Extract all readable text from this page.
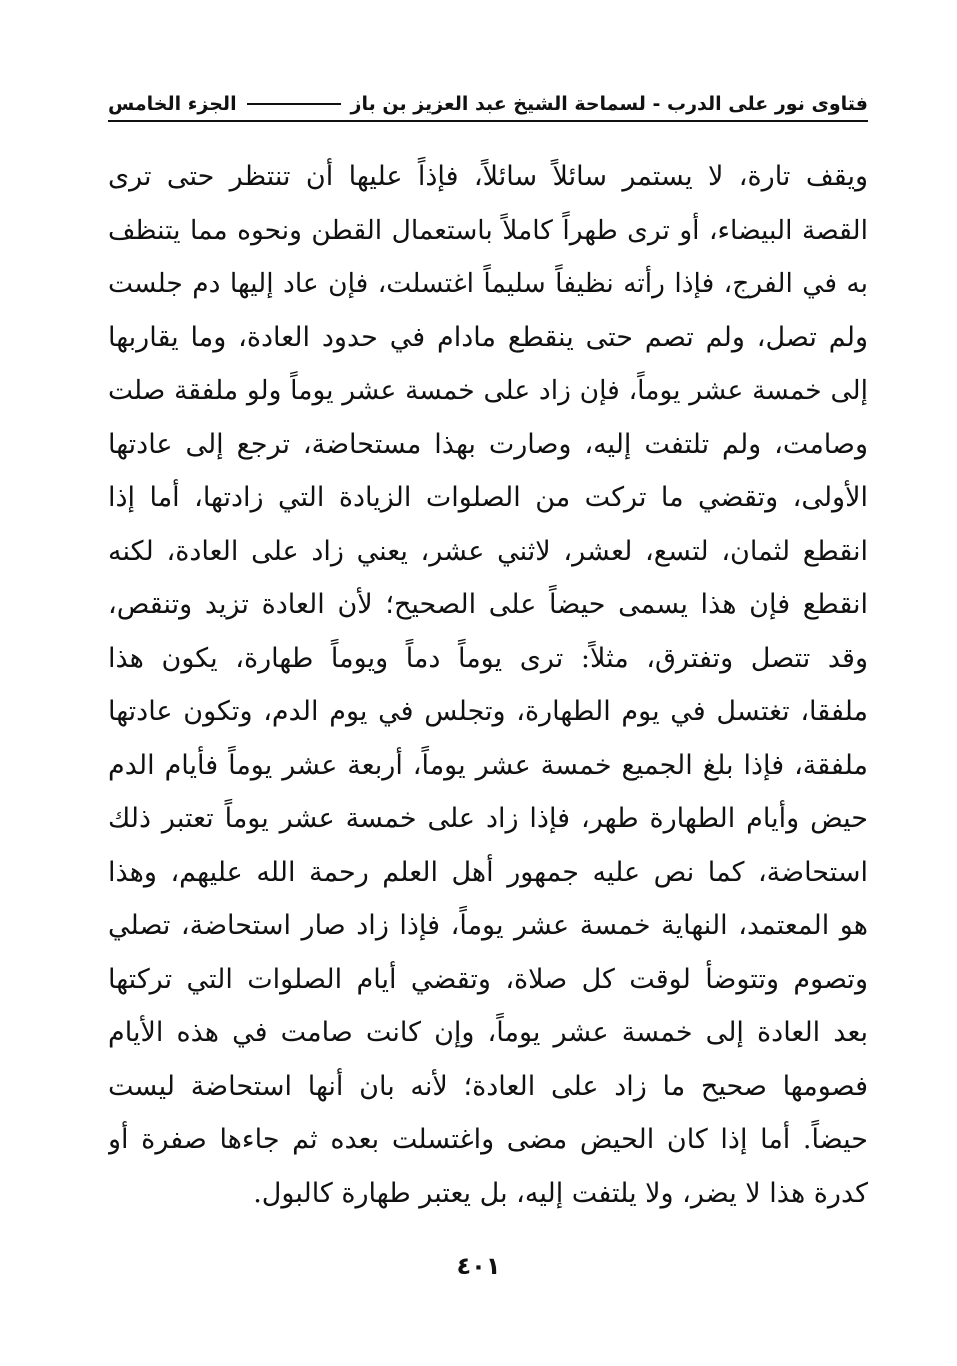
فتاوى نور على الدرب - لسماحة الشيخ عبد العزيز بن باز
الجزء الخامس
ويقف تارة، لا يستمر سائلاً سائلاً، فإذاً عليها أن تنتظر حتى ترى
القصة البيضاء، أو ترى طهراً كاملاً باستعمال القطن ونحوه مما يتنظف
به في الفرج، فإذا رأته نظيفاً سليماً اغتسلت، فإن عاد إليها دم جلست
ولم تصل، ولم تصم حتى ينقطع مادام في حدود العادة، وما يقاربها
إلى خمسة عشر يوماً، فإن زاد على خمسة عشر يوماً ولو ملفقة صلت
وصامت، ولم تلتفت إليه، وصارت بهذا مستحاضة، ترجع إلى عادتها
الأولى، وتقضي ما تركت من الصلوات الزيادة التي زادتها، أما إذا
انقطع لثمان، لتسع، لعشر، لاثني عشر، يعني زاد على العادة، لكنه
انقطع فإن هذا يسمى حيضاً على الصحيح؛ لأن العادة تزيد وتنقص،
وقد تتصل وتفترق، مثلاً: ترى يوماً دماً ويوماً طهارة، يكون هذا
ملفقا، تغتسل في يوم الطهارة، وتجلس في يوم الدم، وتكون عادتها
ملفقة، فإذا بلغ الجميع خمسة عشر يوماً، أربعة عشر يوماً فأيام الدم
حيض وأيام الطهارة طهر، فإذا زاد على خمسة عشر يوماً تعتبر ذلك
استحاضة، كما نص عليه جمهور أهل العلم رحمة الله عليهم، وهذا
هو المعتمد، النهاية خمسة عشر يوماً، فإذا زاد صار استحاضة، تصلي
وتصوم وتتوضأ لوقت كل صلاة، وتقضي أيام الصلوات التي تركتها
بعد العادة إلى خمسة عشر يوماً، وإن كانت صامت في هذه الأيام
فصومها صحيح ما زاد على العادة؛ لأنه بان أنها استحاضة ليست
حيضاً. أما إذا كان الحيض مضى واغتسلت بعده ثم جاءها صفرة أو
كدرة هذا لا يضر، ولا يلتفت إليه، بل يعتبر طهارة كالبول.
٤٠١
